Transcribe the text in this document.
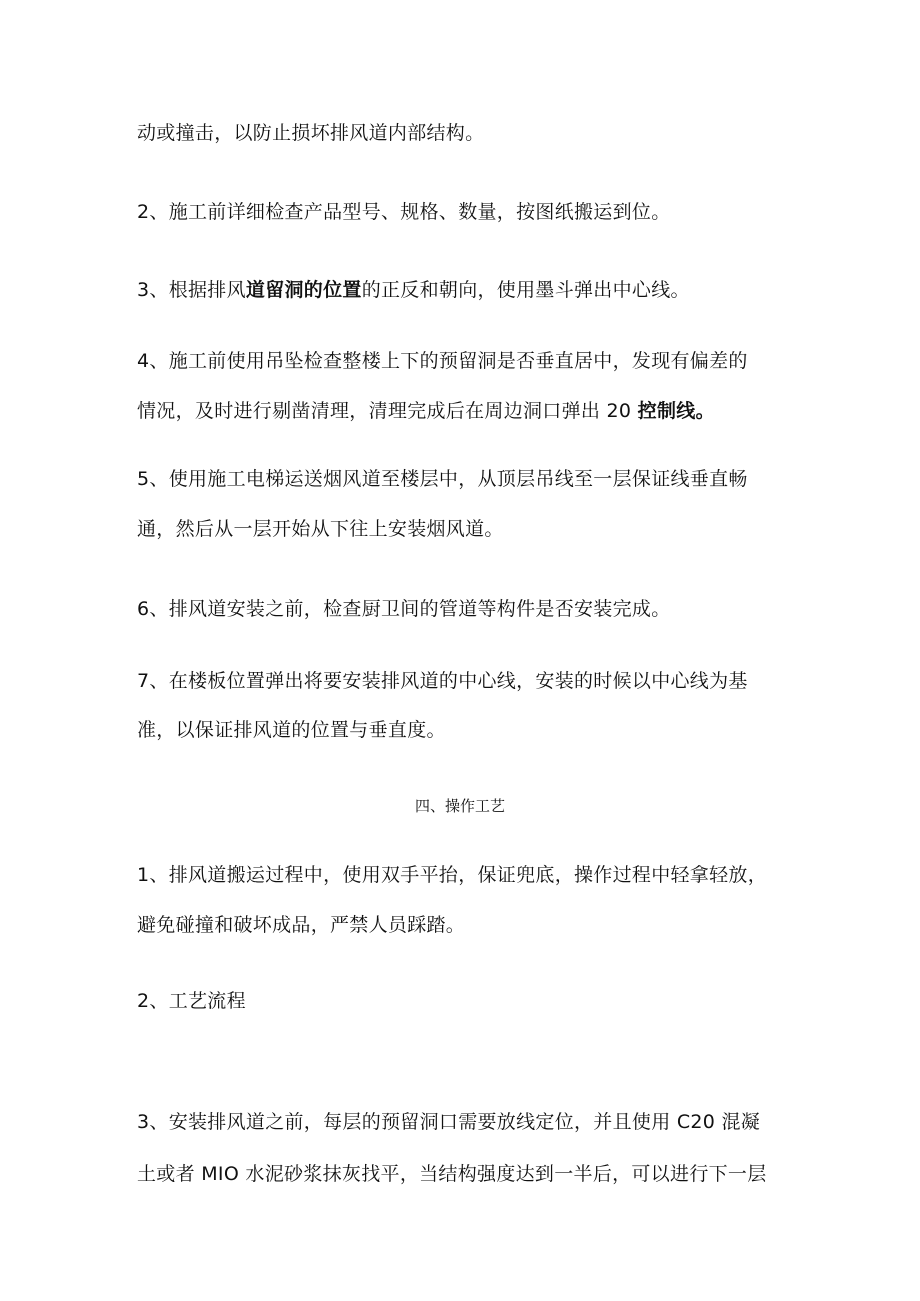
动或撞击，以防止损坏排风道内部结构。
2、施工前详细检查产品型号、规格、数量，按图纸搬运到位。
3、根据排风道留洞的位置的正反和朝向，使用墨斗弹出中心线。
4、施工前使用吊坠检查整楼上下的预留洞是否垂直居中，发现有偏差的
情况，及时进行剔凿清理，清理完成后在周边洞口弹出 20 控制线。
5、使用施工电梯运送烟风道至楼层中，从顶层吊线至一层保证线垂直畅
通，然后从一层开始从下往上安装烟风道。
6、排风道安装之前，检查厨卫间的管道等构件是否安装完成。
7、在楼板位置弹出将要安装排风道的中心线，安装的时候以中心线为基
准，以保证排风道的位置与垂直度。
四、操作工艺
1、排风道搬运过程中，使用双手平抬，保证兜底，操作过程中轻拿轻放，
避免碰撞和破坏成品，严禁人员踩踏。
2、工艺流程
3、安装排风道之前，每层的预留洞口需要放线定位，并且使用 C20 混凝
土或者 MIO 水泥砂浆抹灰找平，当结构强度达到一半后，可以进行下一层
